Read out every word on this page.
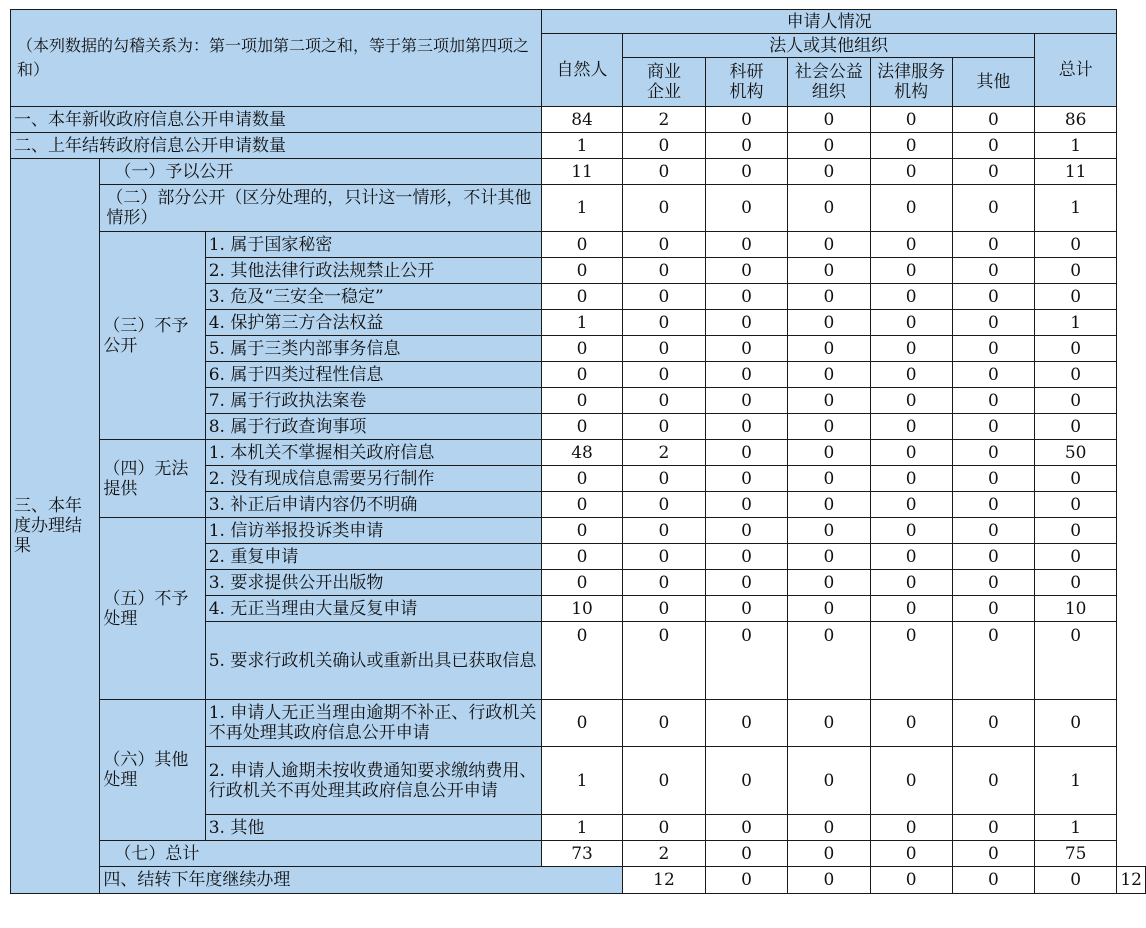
（本列数据的勾稽关系为：第一项加第二项之和，等于第三项加第四项之和）			申请人情况							
			自然人	法人或其他组织					总计	
				商业企业	科研机构	社会公益组织	法律服务机构	其他		
一、本年新收政府信息公开申请数量			84	2	0	0	0	0	86	
二、上年结转政府信息公开申请数量			1	0	0	0	0	0	1	
三、本年度办理结果	（一）予以公开		11	0	0	0	0	0	11	
	（二）部分公开（区分处理的，只计这一情形，不计其他情形）		1	0	0	0	0	0	1	
	（三）不予公开	1. 属于国家秘密	0	0	0	0	0	0	0	
		2. 其他法律行政法规禁止公开	0	0	0	0	0	0	0	
		3. 危及“三安全一稳定”	0	0	0	0	0	0	0	
		4. 保护第三方合法权益	1	0	0	0	0	0	1	
		5. 属于三类内部事务信息	0	0	0	0	0	0	0	
		6. 属于四类过程性信息	0	0	0	0	0	0	0	
		7. 属于行政执法案卷	0	0	0	0	0	0	0	
		8. 属于行政查询事项	0	0	0	0	0	0	0	
	（四）无法提供	1. 本机关不掌握相关政府信息	48	2	0	0	0	0	50	
		2. 没有现成信息需要另行制作	0	0	0	0	0	0	0	
		3. 补正后申请内容仍不明确	0	0	0	0	0	0	0	
	（五）不予处理	1. 信访举报投诉类申请	0	0	0	0	0	0	0	
		2. 重复申请	0	0	0	0	0	0	0	
		3. 要求提供公开出版物	0	0	0	0	0	0	0	
		4. 无正当理由大量反复申请	10	0	0	0	0	0	10	
		5. 要求行政机关确认或重新出具已获取信息	0	0	0	0	0	0	0	
	（六）其他处理	1. 申请人无正当理由逾期不补正、行政机关不再处理其政府信息公开申请	0	0	0	0	0	0	0	
		2. 申请人逾期未按收费通知要求缴纳费用、行政机关不再处理其政府信息公开申请	1	0	0	0	0	0	1	
		3. 其他	1	0	0	0	0	0	1	
	（七）总计		73	2	0	0	0	0	75	
	四、结转下年度继续办理			12	0	0	0	0	0	12
